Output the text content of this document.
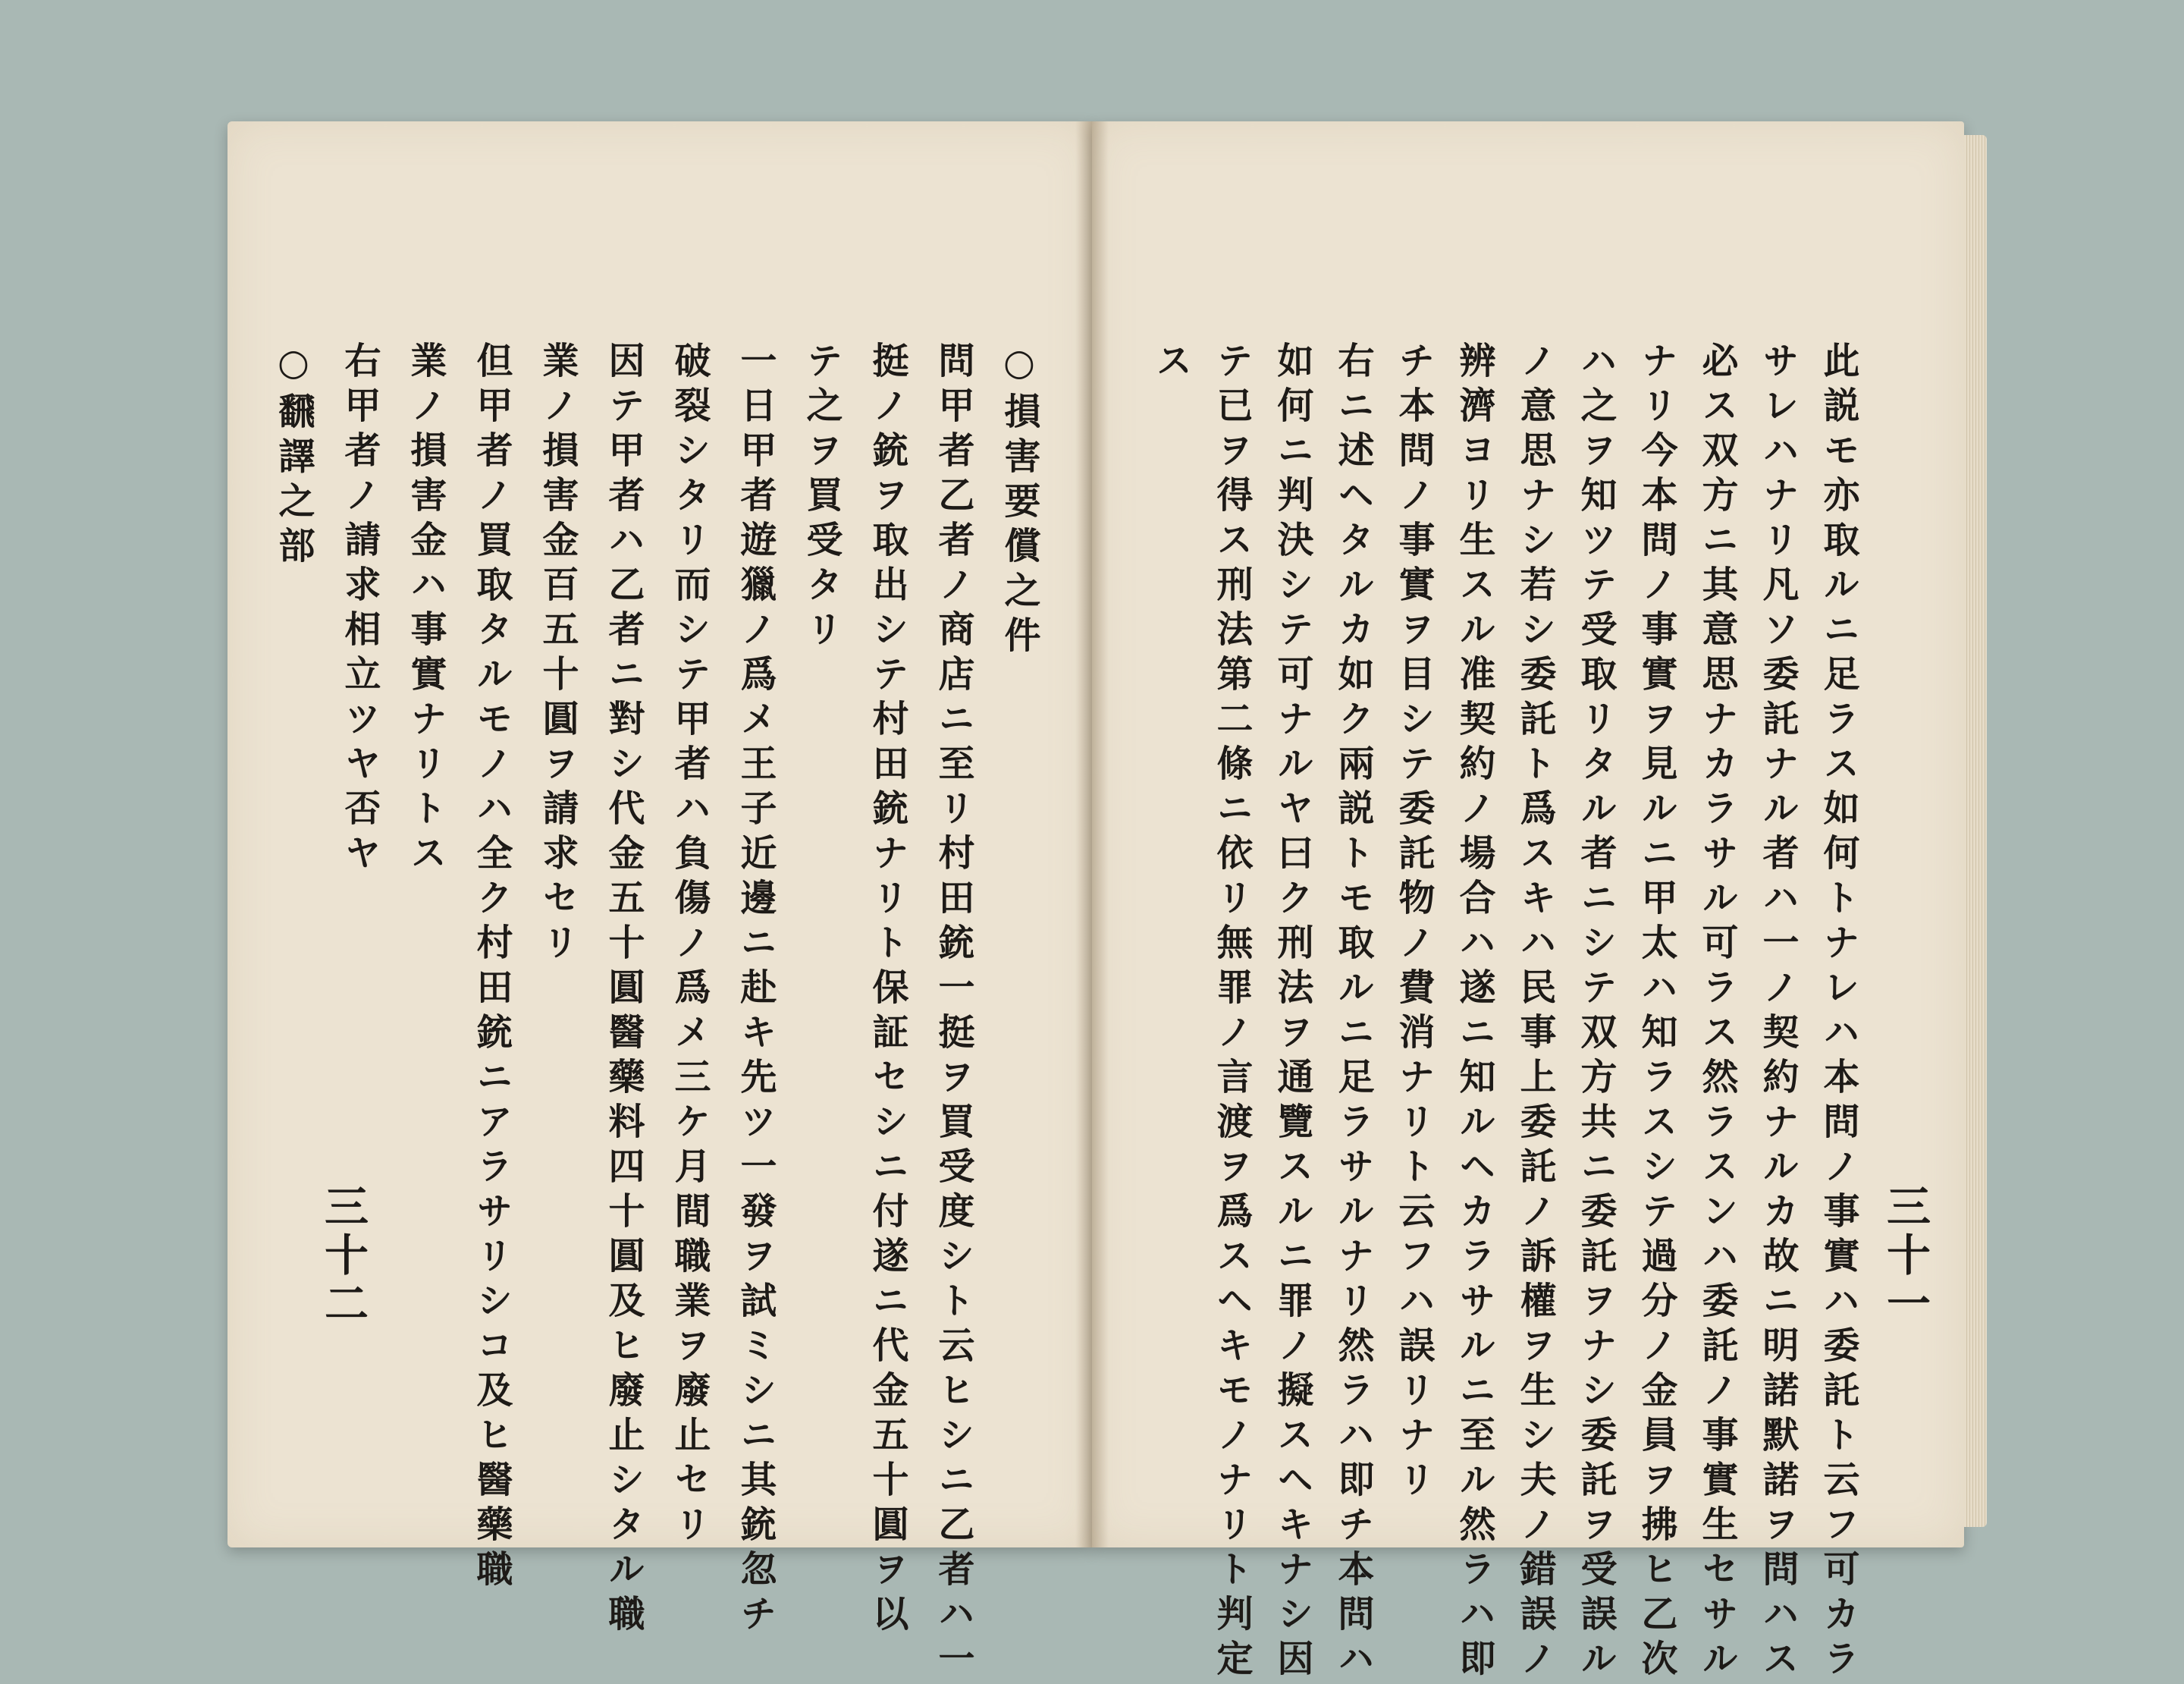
○損害要償之件
問甲者乙者ノ商店ニ至リ村田銃一挺ヲ買受度シト云ヒシニ乙者ハ一
挺ノ銃ヲ取出シテ村田銃ナリト保証セシニ付遂ニ代金五十圓ヲ以
テ之ヲ買受タリ
一日甲者遊獵ノ爲メ王子近邊ニ赴キ先ツ一發ヲ試ミシニ其銃忽チ
破裂シタリ而シテ甲者ハ負傷ノ爲メ三ケ月間職業ヲ廢止セリ
因テ甲者ハ乙者ニ對シ代金五十圓醫藥料四十圓及ヒ廢止シタル職
業ノ損害金百五十圓ヲ請求セリ
但甲者ノ買取タルモノハ全ク村田銃ニアラサリシコ及ヒ醫藥職
業ノ損害金ハ事實ナリトス
右甲者ノ請求相立ツヤ否ヤ
○飜譯之部
三十二	此説モ亦取ルニ足ラス如何トナレハ本問ノ事實ハ委託ト云フ可カラ
サレハナリ凡ソ委託ナル者ハ一ノ契約ナルカ故ニ明諾默諾ヲ問ハス
必ス双方ニ其意思ナカラサル可ラス然ラスンハ委託ノ事實生セサル
ナリ今本問ノ事實ヲ見ルニ甲太ハ知ラスシテ過分ノ金員ヲ拂ヒ乙次
ハ之ヲ知ツテ受取リタル者ニシテ双方共ニ委託ヲナシ委託ヲ受誤ル
ノ意思ナシ若シ委託ト爲スキハ民事上委託ノ訴權ヲ生シ夫ノ錯誤ノ
辨濟ヨリ生スル准契約ノ場合ハ遂ニ知ルヘカラサルニ至ル然ラハ即
チ本問ノ事實ヲ目シテ委託物ノ費消ナリト云フハ誤リナリ
右ニ述ヘタルカ如ク兩説トモ取ルニ足ラサルナリ然ラハ即チ本問ハ
如何ニ判決シテ可ナルヤ曰ク刑法ヲ通覽スルニ罪ノ擬スヘキナシ因
テ已ヲ得ス刑法第二條ニ依リ無罪ノ言渡ヲ爲スヘキモノナリト判定
ス
三十一
